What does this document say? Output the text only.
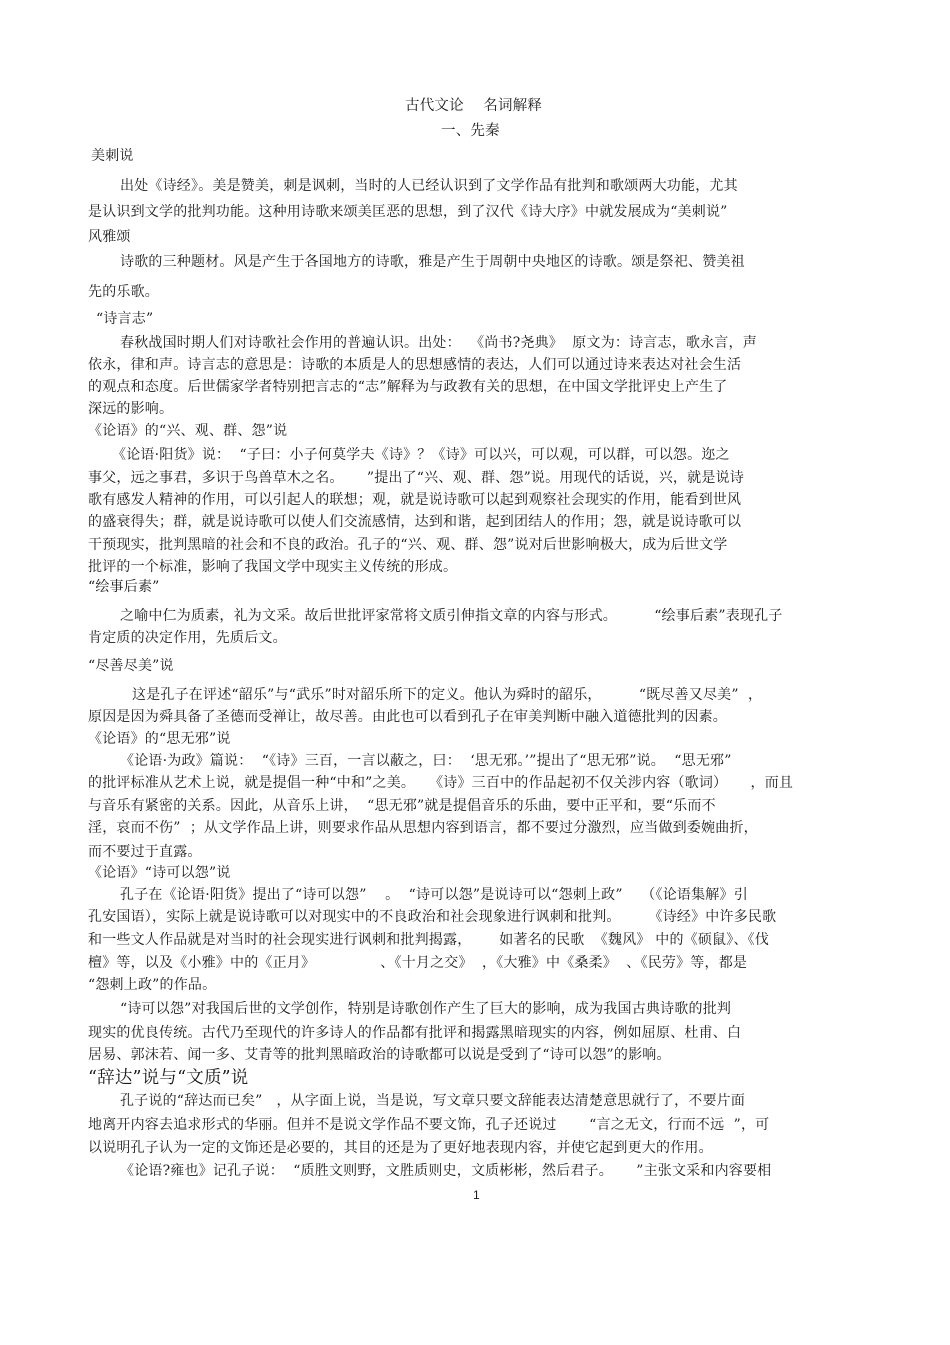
古代文论　 名词解释
一、先秦
美刺说
出处《诗经》。美是赞美，刺是讽刺，当时的人已经认识到了文学作品有批判和歌颂两大功能，尤其
是认识到文学的批判功能。这种用诗歌来颂美匡恶的思想，到了汉代《诗大序》中就发展成为“美刺说”
风雅颂
诗歌的三种题材。风是产生于各国地方的诗歌，雅是产生于周朝中央地区的诗歌。颂是祭祀、赞美祖
先的乐歌。
“诗言志”
春秋战国时期人们对诗歌社会作用的普遍认识。出处：  《尚书?尧典》  原文为：诗言志，歌永言，声
依永，律和声。诗言志的意思是：诗歌的本质是人的思想感情的表达，人们可以通过诗来表达对社会生活
的观点和态度。后世儒家学者特别把言志的“志”解释为与政教有关的思想，在中国文学批评史上产生了
深远的影响。
《论语》的“兴、观、群、怨”说
《论语·阳货》说：  “子曰：小子何莫学夫《诗》？《诗》可以兴，可以观，可以群，可以怨。迩之
事父，远之事君，多识于鸟兽草木之名。     ”提出了“兴、观、群、怨”说。用现代的话说，兴，就是说诗
歌有感发人精神的作用，可以引起人的联想；观，就是说诗歌可以起到观察社会现实的作用，能看到世风
的盛衰得失；群，就是说诗歌可以使人们交流感情，达到和谐，起到团结人的作用；怨，就是说诗歌可以
干预现实，批判黑暗的社会和不良的政治。孔子的“兴、观、群、怨”说对后世影响极大，成为后世文学
批评的一个标准，影响了我国文学中现实主义传统的形成。
“绘事后素”
之喻中仁为质素，礼为文采。故后世批评家常将文质引伸指文章的内容与形式。        “绘事后素”表现孔子
肯定质的决定作用，先质后文。
“尽善尽美”说
这是孔子在评述“韶乐”与“武乐”时对韶乐所下的定义。他认为舜时的韶乐，        “既尽善又尽美”  ，
原因是因为舜具备了圣德而受禅让，故尽善。由此也可以看到孔子在审美判断中融入道德批判的因素。
《论语》的“思无邪”说
《论语·为政》篇说：  “《诗》三百，一言以蔽之，曰：  ‘思无邪。’”提出了“思无邪”说。  “思无邪”
的批评标准从艺术上说，就是提倡一种“中和”之美。   《诗》三百中的作品起初不仅关涉内容（歌词）     ，而且
与音乐有紧密的关系。因此，从音乐上讲，  “思无邪”就是提倡音乐的乐曲，要中正平和，要“乐而不
淫，哀而不伤”  ；从文学作品上讲，则要求作品从思想内容到语言，都不要过分激烈，应当做到委婉曲折，
而不要过于直露。
《论语》“诗可以怨”说
孔子在《论语·阳货》提出了“诗可以怨”    。  “诗可以怨”是说诗可以“怨刺上政”    （《论语集解》引
孔安国语），实际上就是说诗歌可以对现实中的不良政治和社会现象进行讽刺和批判。      《诗经》中许多民歌
和一些文人作品就是对当时的社会现实进行讽刺和批判揭露，      如著名的民歌  《魏风》 中的《硕鼠》、《伐
檀》等，以及《小雅》中的《正月》              、《十月之交》  ，《大雅》中《桑柔》  、《民劳》等，都是
“怨刺上政”的作品。
“诗可以怨”对我国后世的文学创作，特别是诗歌创作产生了巨大的影响，成为我国古典诗歌的批判
现实的优良传统。古代乃至现代的许多诗人的作品都有批评和揭露黑暗现实的内容，例如屈原、杜甫、白
居易、郭沫若、闻一多、艾青等的批判黑暗政治的诗歌都可以说是受到了“诗可以怨”的影响。
“辞达”说与“文质”说
孔子说的“辞达而已矣”   ，从字面上说，当是说，写文章只要文辞能表达清楚意思就行了，不要片面
地离开内容去追求形式的华丽。但并不是说文学作品不要文饰，孔子还说过       “言之无文，行而不远  ”，可
以说明孔子认为一定的文饰还是必要的，其目的还是为了更好地表现内容，并使它起到更大的作用。
《论语?雍也》记孔子说：  “质胜文则野，文胜质则史，文质彬彬，然后君子。     ”主张文采和内容要相
1
